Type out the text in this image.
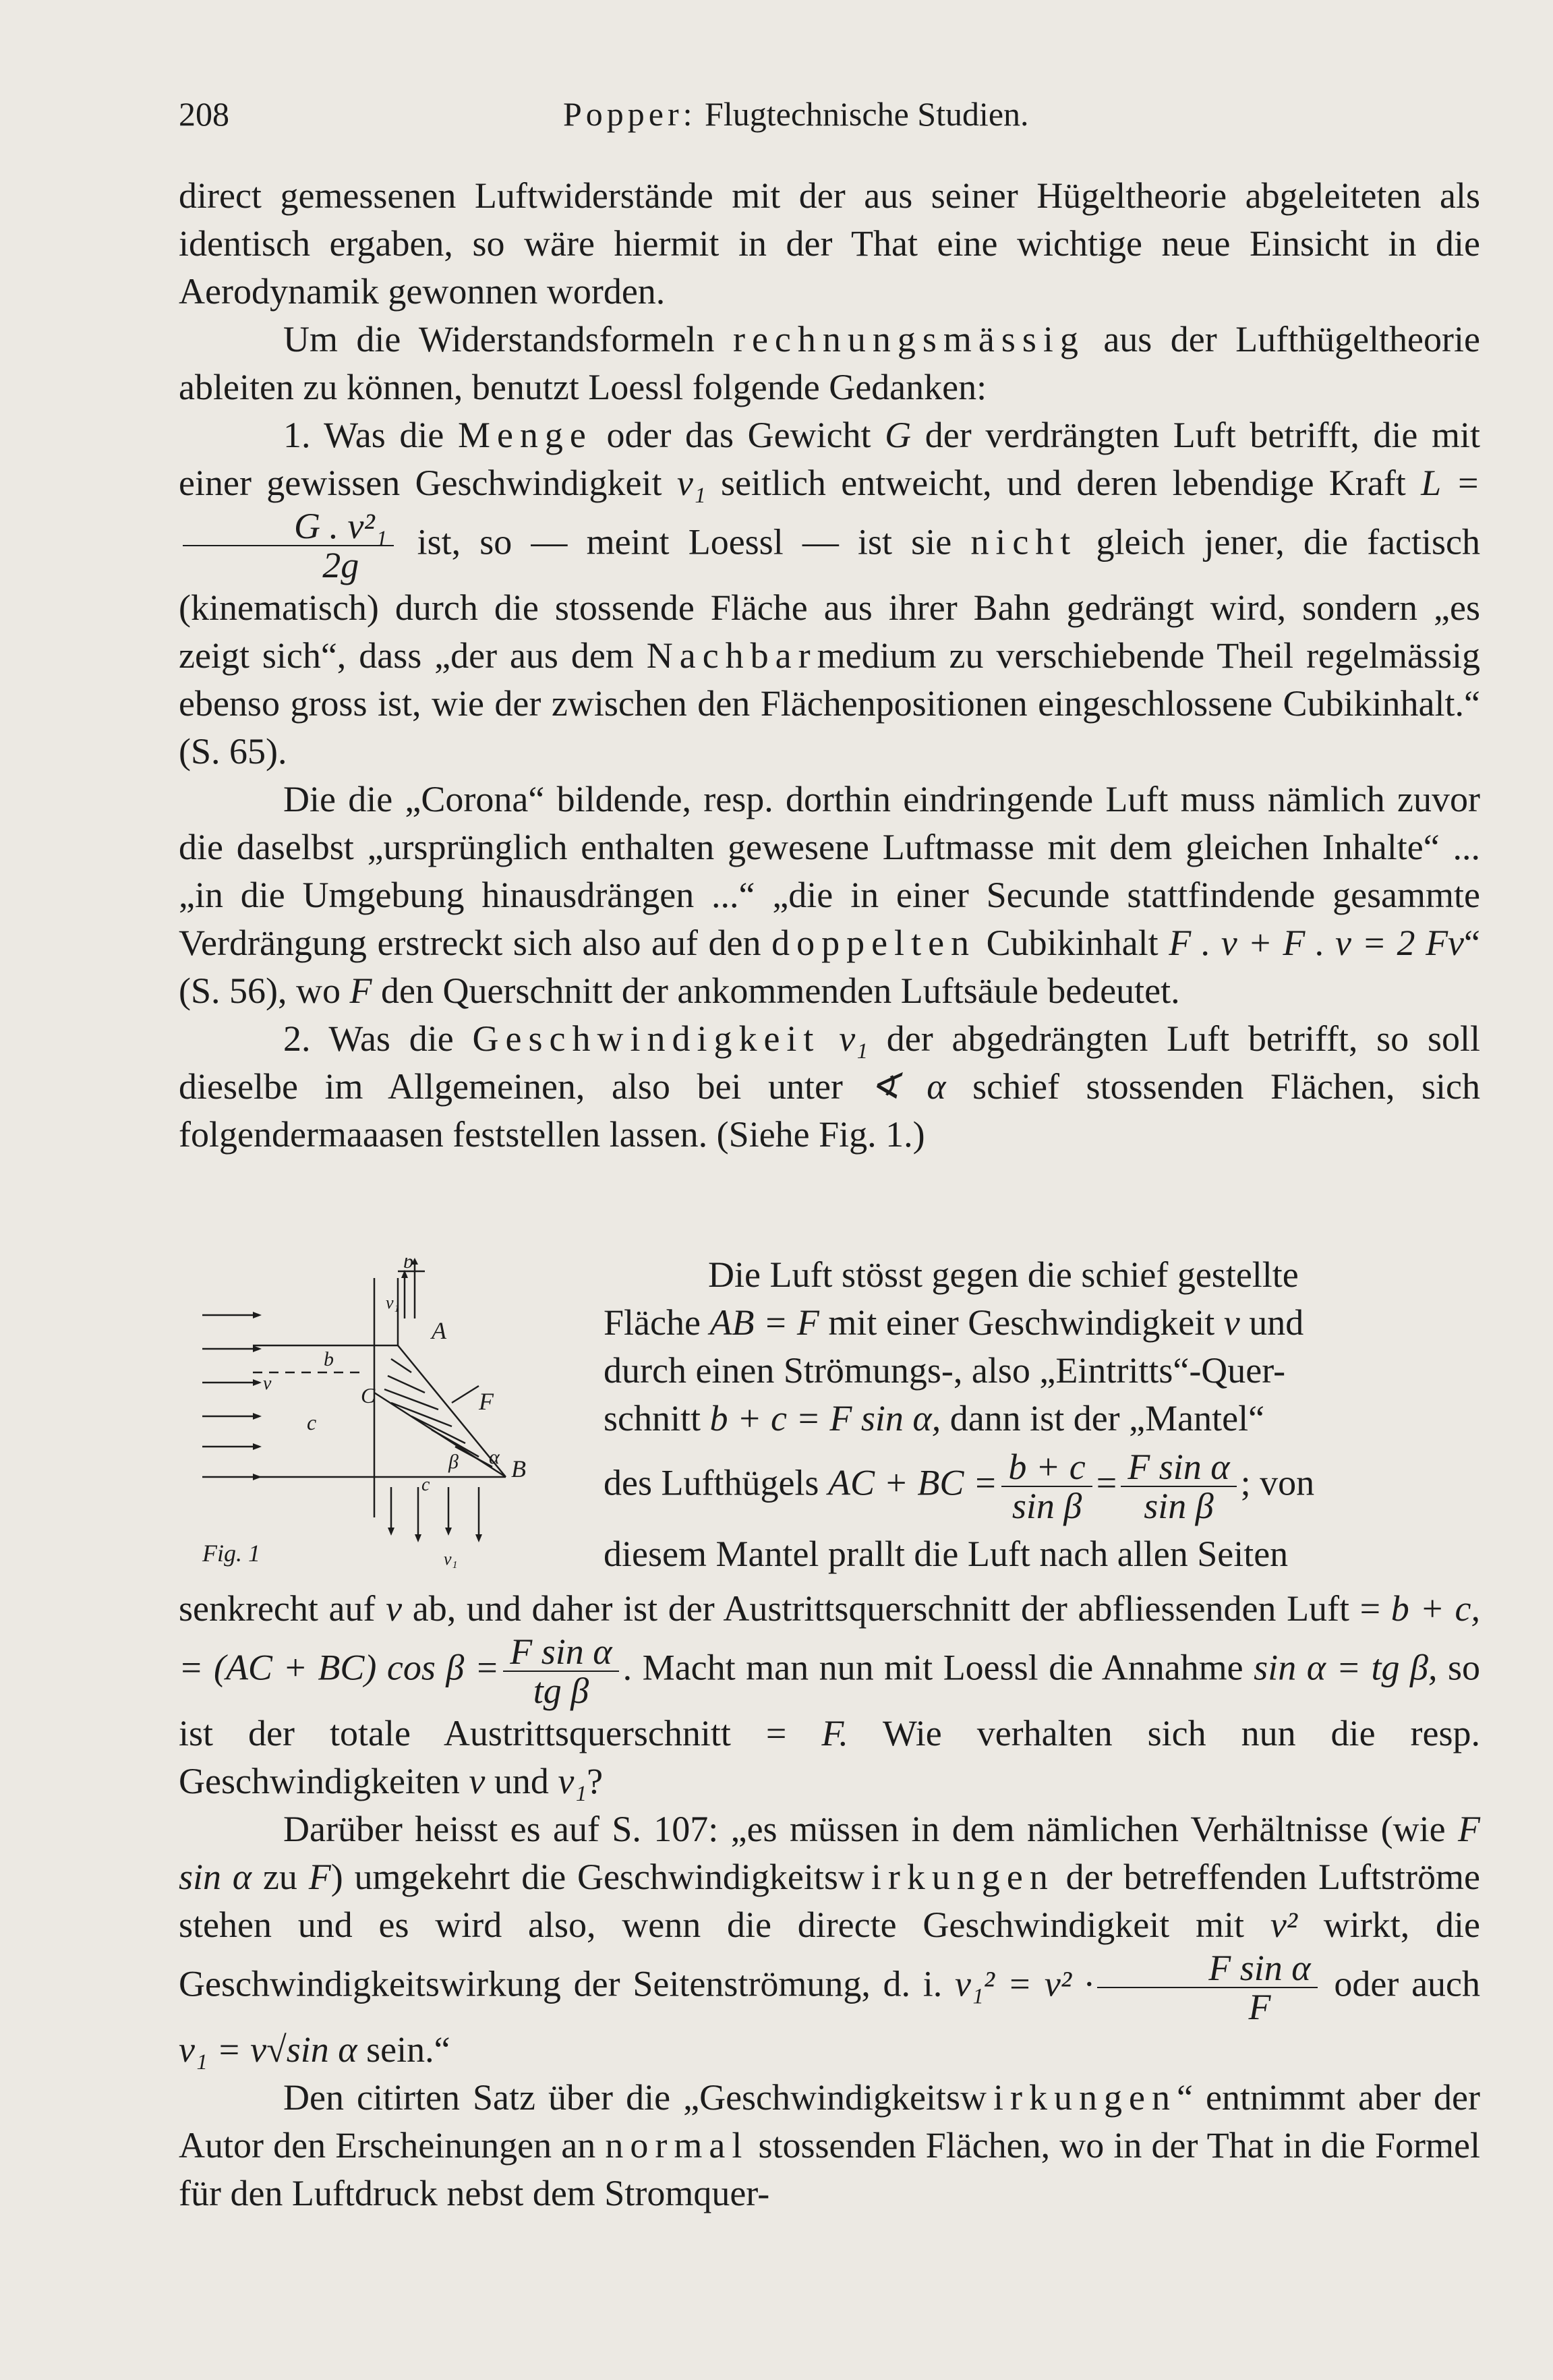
208	Popper: Flugtechnische Studien.

direct gemessenen Luftwiderstände mit der aus seiner Hügeltheorie abgeleiteten als identisch ergaben, so wäre hiermit in der That eine wichtige neue Einsicht in die Aerodynamik gewonnen worden.

Um die Widerstandsformeln rechnungsmässig aus der Lufthügeltheorie ableiten zu können, benutzt Loessl folgende Gedanken:

1. Was die Menge oder das Gewicht G der verdrängten Luft betrifft, die mit einer gewissen Geschwindigkeit v₁ seitlich entweicht, und deren lebendige Kraft L =
$\frac{\text{G . v²₁}}{2g}$ ist, so — meint Loessl — ist sie nicht gleich jener, die factisch (kinematisch) durch die stossende Fläche aus ihrer Bahn gedrängt wird, sondern „es zeigt sich“, dass „der aus dem Nachbarmedium zu verschiebende Theil regelmässig ebenso gross ist, wie der zwischen den Flächenpositionen eingeschlossene Cubikinhalt.“ (S. 65).

Die die „Corona“ bildende, resp. dorthin eindringende Luft muss nämlich zuvor die daselbst „ursprünglich enthalten gewesene Luftmasse mit dem gleichen Inhalte“ ... „in die Umgebung hinausdrängen ...“ „die in einer Secunde stattfindende gesammte Verdrängung erstreckt sich also auf den doppelten Cubikinhalt F . v + F . v = 2 Fv“ (S. 56), wo F den Querschnitt der ankommenden Luftsäule bedeutet.

2. Was die Geschwindigkeit v₁ der abgedrängten Luft betrifft, so soll dieselbe im Allgemeinen, also bei unter ∢ α schief stossenden Flächen, sich folgendermaaasen feststellen lassen. (Siehe Fig. 1.)

b
v₁
A
B
C	F
b
v
c
β α
c
v₁
Fig. 1
Die Luft stösst gegen die schief gestellte
Fläche AB = F mit einer Geschwindigkeit v und
durch einen Strömungs-, also „Eintritts“-Quer-
schnitt b + c = F sin α, dann ist der „Mantel“
des Lufthügels AC + BC = $\frac{b + c}{\text{sin β}} = \frac{\text{F sin α}}{\text{sin β}}$ ; von
diesem Mantel prallt die Luft nach allen Seiten

senkrecht auf v ab, und daher ist der Austrittsquerschnitt der abfliessenden Luft = b + c, = (AC + BC) $\cos \beta = \frac{\text{F sin α}}{\text{tg β}}$ . Macht man nun mit Loessl die Annahme sin α = tg β, so ist der totale Austrittsquerschnitt = F. Wie verhalten sich nun die resp. Geschwindigkeiten v und v₁?

Darüber heisst es auf S. 107: „es müssen in dem nämlichen Verhältnisse (wie F sin α zu F) umgekehrt die Geschwindigkeitswirkungen der betreffenden Luftströme stehen und es wird also, wenn die directe Geschwindigkeit mit v² wirkt, die Geschwindigkeitswirkung der Seitenströmung, d. i. $v_1^2 = v^2 \cdot \frac{\text{F sin α}}{F}$ oder auch v₁ = v√sin α sein.“

Den citirten Satz über die „Geschwindigkeitswirkungen“ entnimmt aber der Autor den Erscheinungen an normal stossenden Flächen, wo in der That in die Formel für den Luftdruck nebst dem Stromquer-
